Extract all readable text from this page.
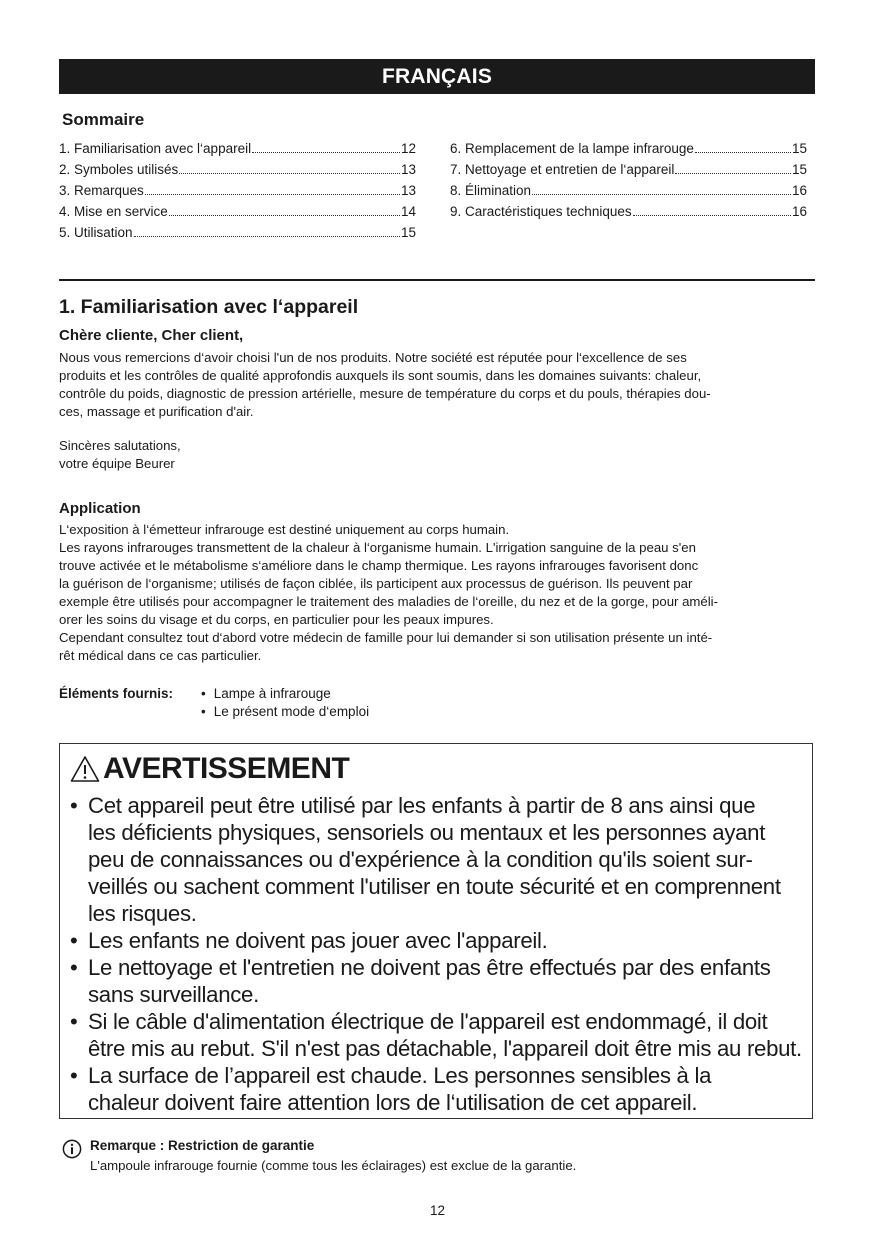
FRANÇAIS
Sommaire
1. Familiarisation avec l‘appareil	12
2. Symboles utilisés	13
3. Remarques	13
4. Mise en service	14
5. Utilisation	15
6. Remplacement de la lampe infrarouge	15
7. Nettoyage et entretien de l‘appareil	15
8. Élimination	16
9. Caractéristiques techniques	16
1. Familiarisation avec l‘appareil
Chère cliente, Cher client,
Nous vous remercions d‘avoir choisi l'un de nos produits. Notre société est réputée pour l‘excellence de ses
produits et les contrôles de qualité approfondis auxquels ils sont soumis, dans les domaines suivants: chaleur,
contrôle du poids, diagnostic de pression artérielle, mesure de température du corps et du pouls, thérapies dou-
ces, massage et purification d'air.
Sincères salutations,
votre équipe Beurer
Application
L‘exposition à l‘émetteur infrarouge est destiné uniquement au corps humain.
Les rayons infrarouges transmettent de la chaleur à l‘organisme humain. L'irrigation sanguine de la peau s'en
trouve activée et le métabolisme s‘améliore dans le champ thermique. Les rayons infrarouges favorisent donc
la guérison de l‘organisme; utilisés de façon ciblée, ils participent aux processus de guérison. Ils peuvent par
exemple être utilisés pour accompagner le traitement des maladies de l‘oreille, du nez et de la gorge, pour améli-
orer les soins du visage et du corps, en particulier pour les peaux impures.
Cependant consultez tout d‘abord votre médecin de famille pour lui demander si son utilisation présente un inté-
rêt médical dans ce cas particulier.
Éléments fournis:	• Lampe à infrarouge
• Le présent mode d‘emploi
AVERTISSEMENT
• Cet appareil peut être utilisé par les enfants à partir de 8 ans ainsi que
les déficients physiques, sensoriels ou mentaux et les personnes ayant
peu de connaissances ou d'expérience à la condition qu'ils soient sur-
veillés ou sachent comment l'utiliser en toute sécurité et en comprennent
les risques.
• Les enfants ne doivent pas jouer avec l'appareil.
• Le nettoyage et l'entretien ne doivent pas être effectués par des enfants
sans surveillance.
• Si le câble d'alimentation électrique de l'appareil est endommagé, il doit
être mis au rebut. S'il n'est pas détachable, l'appareil doit être mis au rebut.
• La surface de l’appareil est chaude. Les personnes sensibles à la
chaleur doivent faire attention lors de l‘utilisation de cet appareil.
Remarque : Restriction de garantie
L'ampoule infrarouge fournie (comme tous les éclairages) est exclue de la garantie.
12
